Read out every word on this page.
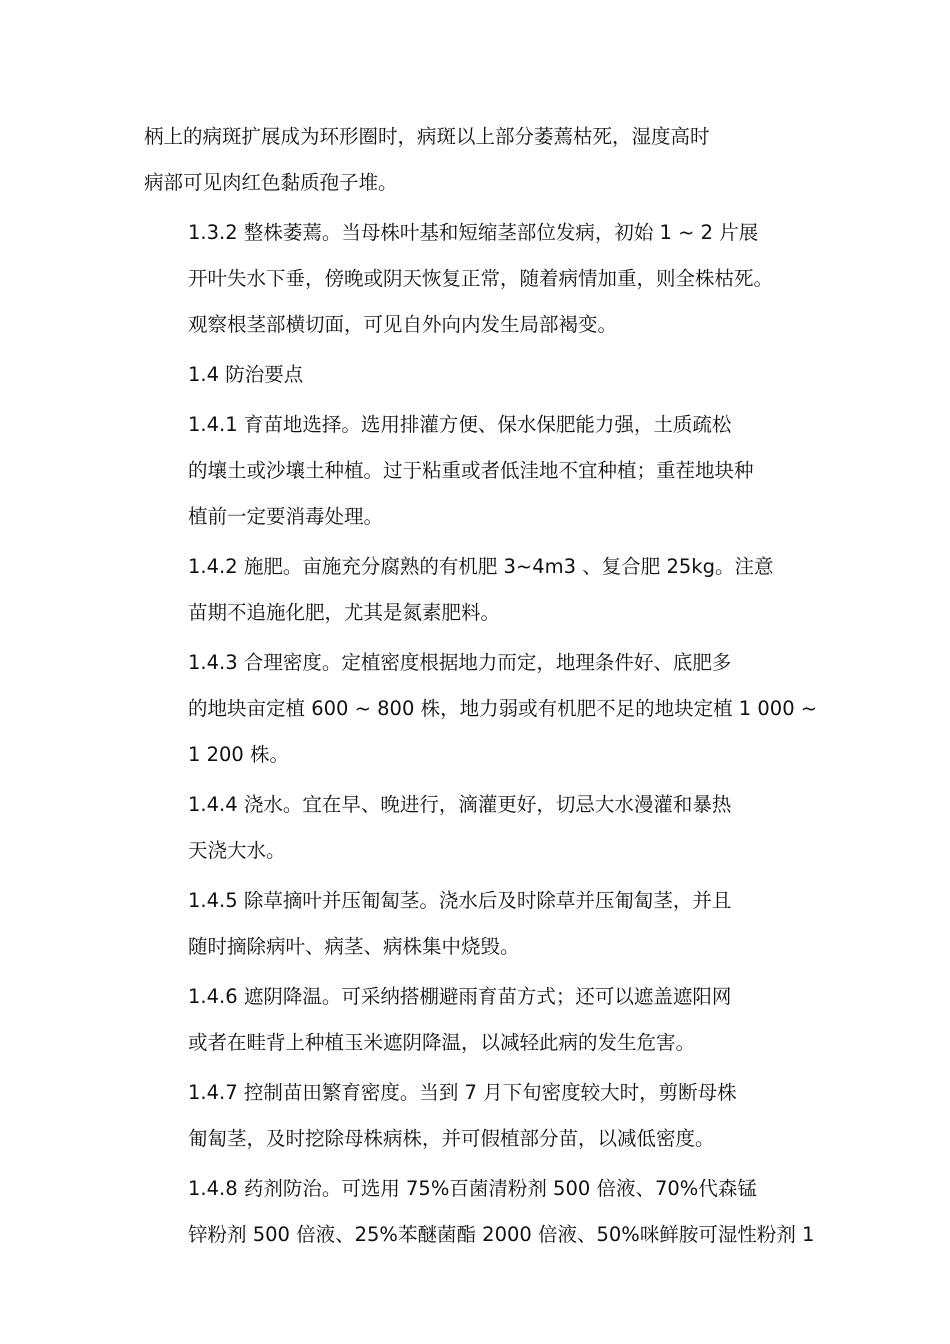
柄上的病斑扩展成为环形圈时，病斑以上部分萎蔫枯死，湿度高时
病部可见肉红色黏质孢子堆。

1.3.2 整株萎蔫。当母株叶基和短缩茎部位发病，初始 1 ~ 2 片展
开叶失水下垂，傍晚或阴天恢复正常，随着病情加重，则全株枯死。
观察根茎部横切面，可见自外向内发生局部褐变。

1.4 防治要点

1.4.1 育苗地选择。选用排灌方便、保水保肥能力强，土质疏松
的壤土或沙壤土种植。过于粘重或者低洼地不宜种植；重茬地块种
植前一定要消毒处理。

1.4.2 施肥。亩施充分腐熟的有机肥 3~4m3 、复合肥 25kg。注意
苗期不追施化肥，尤其是氮素肥料。

1.4.3 合理密度。定植密度根据地力而定，地理条件好、底肥多
的地块亩定植 600 ~ 800 株，地力弱或有机肥不足的地块定植 1 000 ~
1 200 株。

1.4.4 浇水。宜在早、晚进行，滴灌更好，切忌大水漫灌和暴热
天浇大水。

1.4.5 除草摘叶并压匍匐茎。浇水后及时除草并压匍匐茎，并且
随时摘除病叶、病茎、病株集中烧毁。

1.4.6 遮阴降温。可采纳搭棚避雨育苗方式；还可以遮盖遮阳网
或者在畦背上种植玉米遮阴降温，以减轻此病的发生危害。

1.4.7 控制苗田繁育密度。当到 7 月下旬密度较大时，剪断母株
匍匐茎，及时挖除母株病株，并可假植部分苗，以减低密度。

1.4.8 药剂防治。可选用 75%百菌清粉剂 500 倍液、70%代森锰
锌粉剂 500 倍液、25%苯醚菌酯 2000 倍液、50%咪鲜胺可湿性粉剂 1
